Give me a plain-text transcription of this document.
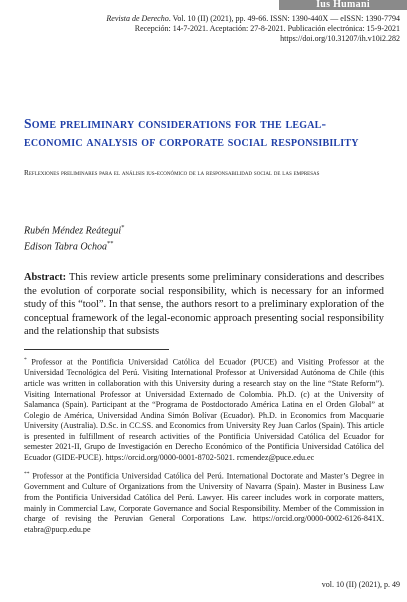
Ius Humani
Revista de Derecho. Vol. 10 (II) (2021), pp. 49-66. ISSN: 1390-440X — eISSN: 1390-7794
Recepción: 14-7-2021. Aceptación: 27-8-2021. Publicación electrónica: 15-9-2021
https://doi.org/10.31207/ih.v10i2.282
Some preliminary considerations for the legal-economic analysis of corporate social responsibility
Reflexiones preliminares para el análisis ius-económico de la responsabilidad social de las empresas
Rubén Méndez Reátegui*
Edison Tabra Ochoa**

Abstract: This review article presents some preliminary considerations and describes the evolution of corporate social responsibility, which is necessary for an informed study of this “tool”. In that sense, the authors resort to a preliminary exploration of the conceptual framework of the legal-economic approach presenting social responsibility and the relationship that subsists

* Professor at the Pontificia Universidad Católica del Ecuador (PUCE) and Visiting Professor at the Universidad Tecnológica del Perú. Visiting International Professor at Universidad Autónoma de Chile (this article was written in collaboration with this University during a research stay on the line “State Reform”). Visiting International Professor at Universidad Externado de Colombia. Ph.D. (c) at the University of Salamanca (Spain). Participant at the “Programa de Postdoctorado América Latina en el Orden Global” at Colegio de América, Universidad Andina Simón Bolívar (Ecuador). Ph.D. in Economics from Macquarie University (Australia). D.Sc. in CC.SS. and Economics from University Rey Juan Carlos (Spain). This article is presented in fulfillment of research activities of the Pontificia Universidad Católica del Ecuador for semester 2021-II, Grupo de Investigación en Derecho Económico of the Pontificia Universidad Católica del Ecuador (GIDE-PUCE). https://orcid.org/0000-0001-8702-5021. rcmendez@puce.edu.ec

** Professor at the Pontificia Universidad Católica del Perú. International Doctorate and Master’s Degree in Government and Culture of Organizations from the University of Navarra (Spain). Master in Business Law from the Pontificia Universidad Católica del Perú. Lawyer. His career includes work in corporate matters, mainly in Commercial Law, Corporate Governance and Social Responsibility. Member of the Commission in charge of revising the Peruvian General Corporations Law. https://orcid.org/0000-0002-6126-841X. etabra@pucp.edu.pe

vol. 10 (II) (2021), p. 49
